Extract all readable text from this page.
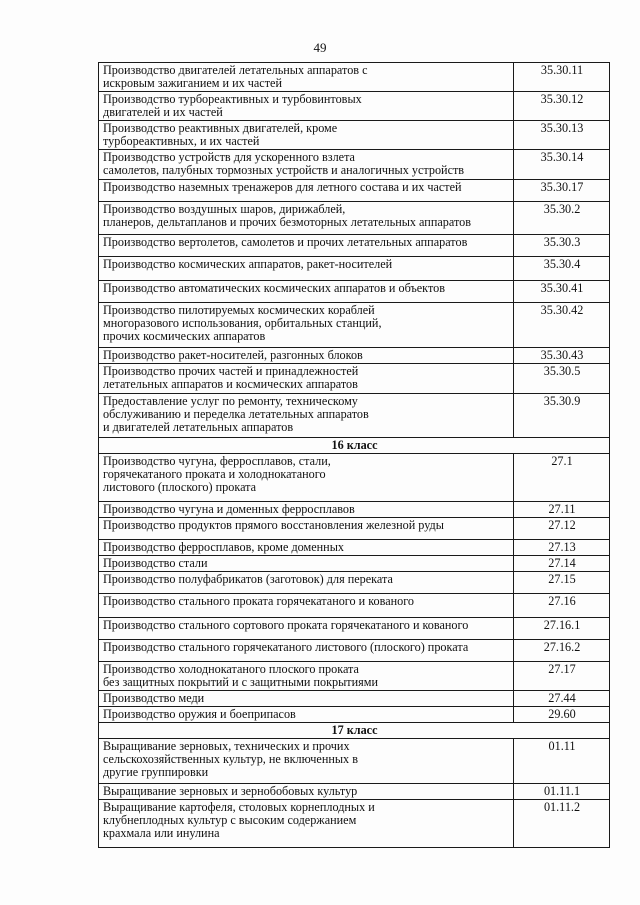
49
Производство двигателей летательных аппаратов с
искровым зажиганием и их частей	35.30.11
Производство турбореактивных и турбовинтовых
двигателей и их частей	35.30.12
Производство реактивных двигателей, кроме
турбореактивных, и их частей	35.30.13
Производство устройств для ускоренного взлета
самолетов, палубных тормозных устройств и аналогичных устройств	35.30.14
Производство наземных тренажеров для летного состава и их частей	35.30.17
Производство воздушных шаров, дирижаблей,
планеров, дельтапланов и прочих безмоторных летательных аппаратов	35.30.2
Производство вертолетов, самолетов и прочих летательных аппаратов	35.30.3
Производство космических аппаратов, ракет-носителей	35.30.4
Производство автоматических космических аппаратов и объектов	35.30.41
Производство пилотируемых космических кораблей
многоразового использования, орбитальных станций,
прочих космических аппаратов	35.30.42
Производство ракет-носителей, разгонных блоков	35.30.43
Производство прочих частей и принадлежностей
летательных аппаратов и космических аппаратов	35.30.5
Предоставление услуг по ремонту, техническому
обслуживанию и переделка летательных аппаратов
и двигателей летательных аппаратов	35.30.9
16 класс	
Производство чугуна, ферросплавов, стали,
горячекатаного проката и холоднокатаного
листового (плоского) проката	27.1
Производство чугуна и доменных ферросплавов	27.11
Производство продуктов прямого восстановления железной руды	27.12
Производство ферросплавов, кроме доменных	27.13
Производство стали	27.14
Производство полуфабрикатов (заготовок) для переката	27.15
Производство стального проката горячекатаного и кованого	27.16
Производство стального сортового проката горячекатаного и кованого	27.16.1
Производство стального горячекатаного листового (плоского) проката	27.16.2
Производство холоднокатаного плоского проката
без защитных покрытий и с защитными покрытиями	27.17
Производство меди	27.44
Производство оружия и боеприпасов	29.60
17 класс	
Выращивание зерновых, технических и прочих
сельскохозяйственных культур, не включенных в
другие группировки	01.11
Выращивание зерновых и зернобобовых культур	01.11.1
Выращивание картофеля, столовых корнеплодных и
клубнеплодных культур с высоким содержанием
крахмала или инулина	01.11.2
